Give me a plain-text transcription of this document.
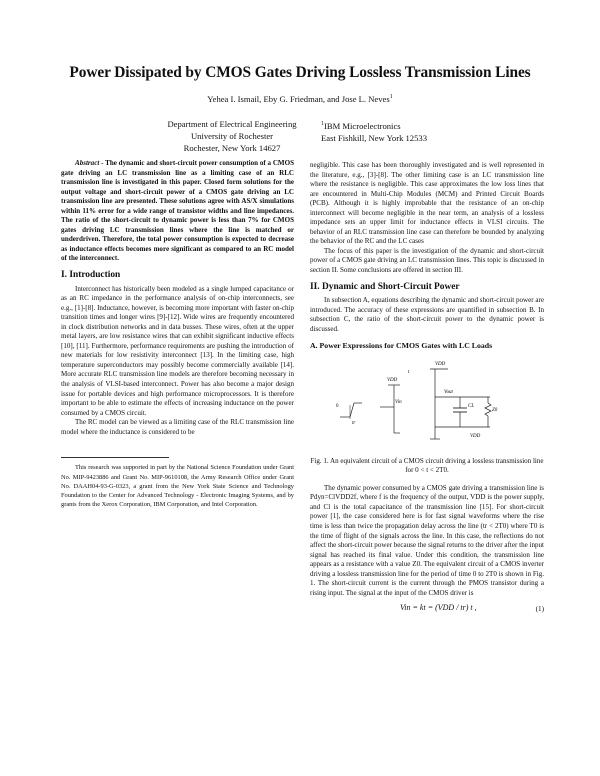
Power Dissipated by CMOS Gates Driving Lossless Transmission Lines
Yehea I. Ismail, Eby G. Friedman, and Jose L. Neves$^1$
Department of Electrical Engineering
University of Rochester
Rochester, New York 14627
$^1$IBM Microelectronics
East Fishkill, New York 12533

Abstract - The dynamic and short-circuit power consumption of a CMOS gate driving an LC transmission line as a limiting case of an RLC transmission line is investigated in this paper. Closed form solutions for the output voltage and short-circuit power of a CMOS gate driving an LC transmission line are presented. These solutions agree with AS/X simulations within 11% error for a wide range of transistor widths and line impedances. The ratio of the short-circuit to dynamic power is less than 7% for CMOS gates driving LC transmission lines where the line is matched or underdriven. Therefore, the total power consumption is expected to decrease as inductance effects becomes more significant as compared to an RC model of the interconnect.

I. Introduction

Interconnect has historically been modeled as a single lumped capacitance or as an RC impedance in the performance analysis of on-chip interconnects, see e.g., [1]-[8]. Inductance, however, is becoming more important with faster on-chip transition times and longer wires [9]-[12]. Wide wires are frequently encountered in clock distribution networks and in data busses. These wires, often at the upper metal layers, are low resistance wires that can exhibit significant inductive effects [10], [11]. Furthermore, performance requirements are pushing the introduction of new materials for low resistivity interconnect [13]. In the limiting case, high temperature superconductors may possibly become commercially available [14]. More accurate RLC transmission line models are therefore becoming necessary in the analysis of VLSI-based interconnect. Power has also become a major design issue for portable devices and high performance microprocessors. It is therefore important to be able to estimate the effects of increasing inductance on the power consumed by a CMOS circuit.

The RC model can be viewed as a limiting case of the RLC transmission line model where the inductance is considered to be

This research was supported in part by the National Science Foundation under Grant No. MIP-9423886 and Grant No. MIP-9610108, the Army Research Office under Grant No. DAAH04-93-G-0323, a grant from the New York State Science and Technology Foundation to the Center for Advanced Technology - Electronic Imaging Systems, and by grants from the Xerox Corporation, IBM Corporation, and Intel Corporation.

negligible. This case has been thoroughly investigated and is well represented in the literature, e.g., [3]-[8]. The other limiting case is an LC transmission line where the resistance is negligible. This case approximates the low loss lines that are encountered in Multi-Chip Modules (MCM) and Printed Circuit Boards (PCB). Although it is highly improbable that the resistance of an on-chip interconnect will become negligible in the near term, an analysis of a lossless impedance sets an upper limit for inductance effects in VLSI circuits. The behavior of an RLC transmission line case can therefore be bounded by analyzing the behavior of the RC and the LC cases

The focus of this paper is the investigation of the dynamic and short-circuit power of a CMOS gate driving an LC transmission lines. This topic is discussed in section II. Some conclusions are offered in section III.

II. Dynamic and Short-Circuit Power

In subsection A, equations describing the dynamic and short-circuit power are introduced. The accuracy of these expressions are quantified in subsection B. In subsection C, the ratio of the short-circuit power to the dynamic power is discussed.

A. Power Expressions for CMOS Gates with LC Loads
0
tr
VDD
Vin
t
VDD
Vout
CL
Z0
VDD

Fig. 1. An equivalent circuit of a CMOS circuit driving a lossless transmission line for 0 < t < 2T0.

The dynamic power consumed by a CMOS gate driving a transmission line is Pdyn=ClVDD2f, where f is the frequency of the output, VDD is the power supply, and Cl is the total capacitance of the transmission line [15]. For short-circuit power [1], the case considered here is for fast signal waveforms where the rise time is less than twice the propagation delay across the line (tr < 2T0) where T0 is the time of flight of the signals across the line. In this case, the reflections do not affect the short-circuit power because the signal returns to the driver after the input signal has reached its final value. Under this condition, the transmission line appears as a resistance with a value Z0. The equivalent circuit of a CMOS inverter driving a lossless transmission line for the period of time 0 to 2T0 is shown in Fig. 1. The short-circuit current is the current through the PMOS transistor during a rising input. The signal at the input of the CMOS driver is

Vin = kt = (VDD / tr) t ,	(1)
